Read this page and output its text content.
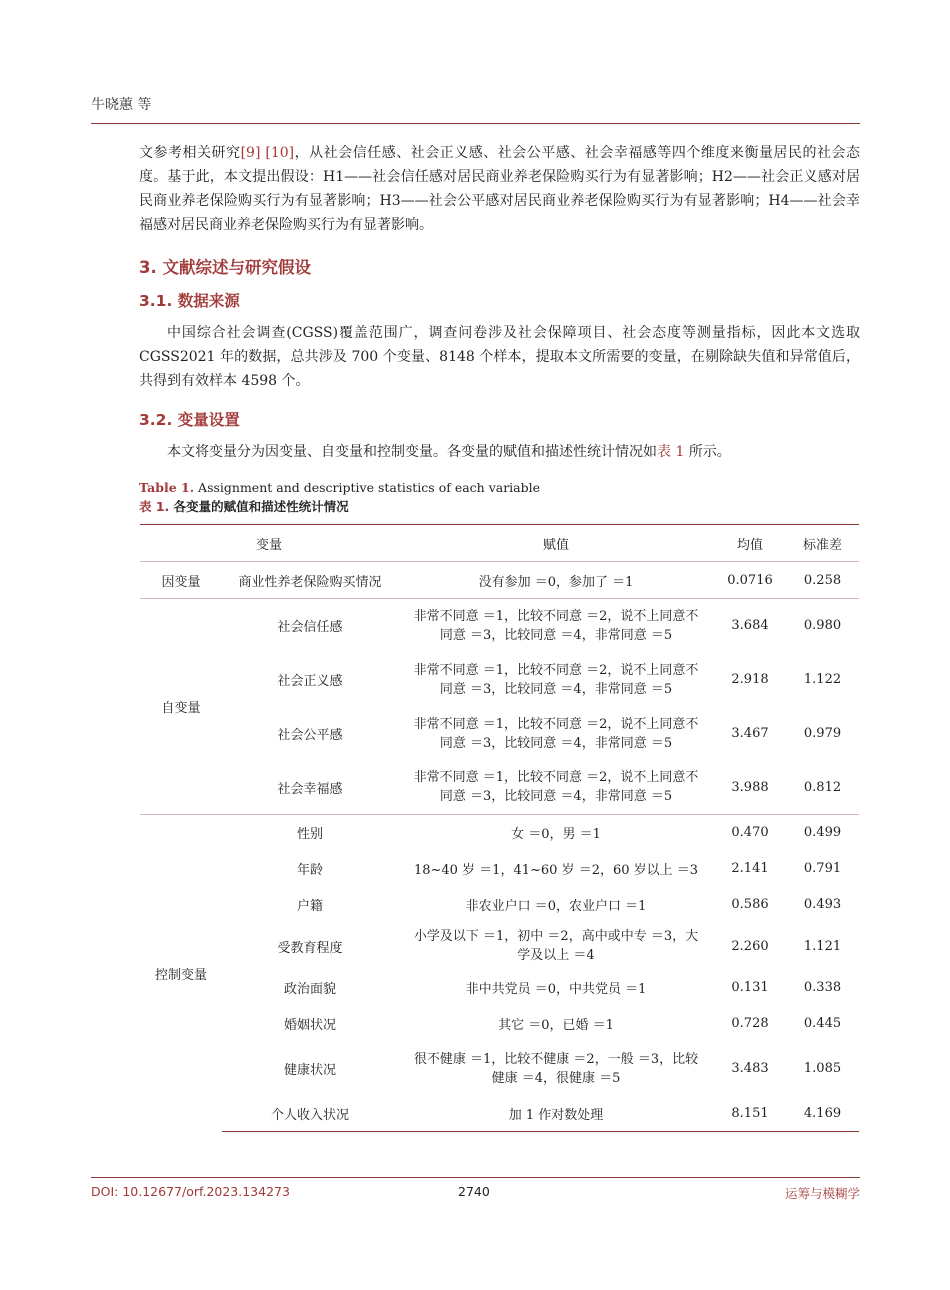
牛晓蕙 等
文参考相关研究[9] [10]，从社会信任感、社会正义感、社会公平感、社会幸福感等四个维度来衡量居民的社会态度。基于此，本文提出假设：H1——社会信任感对居民商业养老保险购买行为有显著影响；H2——社会正义感对居民商业养老保险购买行为有显著影响；H3——社会公平感对居民商业养老保险购买行为有显著影响；H4——社会幸福感对居民商业养老保险购买行为有显著影响。
3. 文献综述与研究假设
3.1. 数据来源
中国综合社会调查(CGSS)覆盖范围广，调查问卷涉及社会保障项目、社会态度等测量指标，因此本文选取 CGSS2021 年的数据，总共涉及 700 个变量、8148 个样本，提取本文所需要的变量，在剔除缺失值和异常值后，共得到有效样本 4598 个。
3.2. 变量设置
本文将变量分为因变量、自变量和控制变量。各变量的赋值和描述性统计情况如表 1 所示。
Table 1. Assignment and descriptive statistics of each variable
表 1. 各变量的赋值和描述性统计情况
变量		赋值	均值	标准差
因变量	商业性养老保险购买情况	没有参加 ＝0，参加了 ＝1	0.0716	0.258
自变量	社会信任感	非常不同意 ＝1，比较不同意 ＝2，说不上同意不
同意 ＝3，比较同意 ＝4，非常同意 ＝5	3.684	0.980
	社会正义感	非常不同意 ＝1，比较不同意 ＝2，说不上同意不
同意 ＝3，比较同意 ＝4，非常同意 ＝5	2.918	1.122
	社会公平感	非常不同意 ＝1，比较不同意 ＝2，说不上同意不
同意 ＝3，比较同意 ＝4，非常同意 ＝5	3.467	0.979
	社会幸福感	非常不同意 ＝1，比较不同意 ＝2，说不上同意不
同意 ＝3，比较同意 ＝4，非常同意 ＝5	3.988	0.812
控制变量	性别	女 ＝0，男 ＝1	0.470	0.499
	年龄	18~40 岁 ＝1，41~60 岁 ＝2，60 岁以上 ＝3	2.141	0.791
	户籍	非农业户口 ＝0，农业户口 ＝1	0.586	0.493
	受教育程度	小学及以下 ＝1，初中 ＝2，高中或中专 ＝3，大
学及以上 ＝4	2.260	1.121
	政治面貌	非中共党员 ＝0，中共党员 ＝1	0.131	0.338
	婚姻状况	其它 ＝0，已婚 ＝1	0.728	0.445
	健康状况	很不健康 ＝1，比较不健康 ＝2，一般 ＝3，比较
健康 ＝4，很健康 ＝5	3.483	1.085
	个人收入状况	加 1 作对数处理	8.151	4.169
DOI: 10.12677/orf.2023.134273	2740	运筹与模糊学
